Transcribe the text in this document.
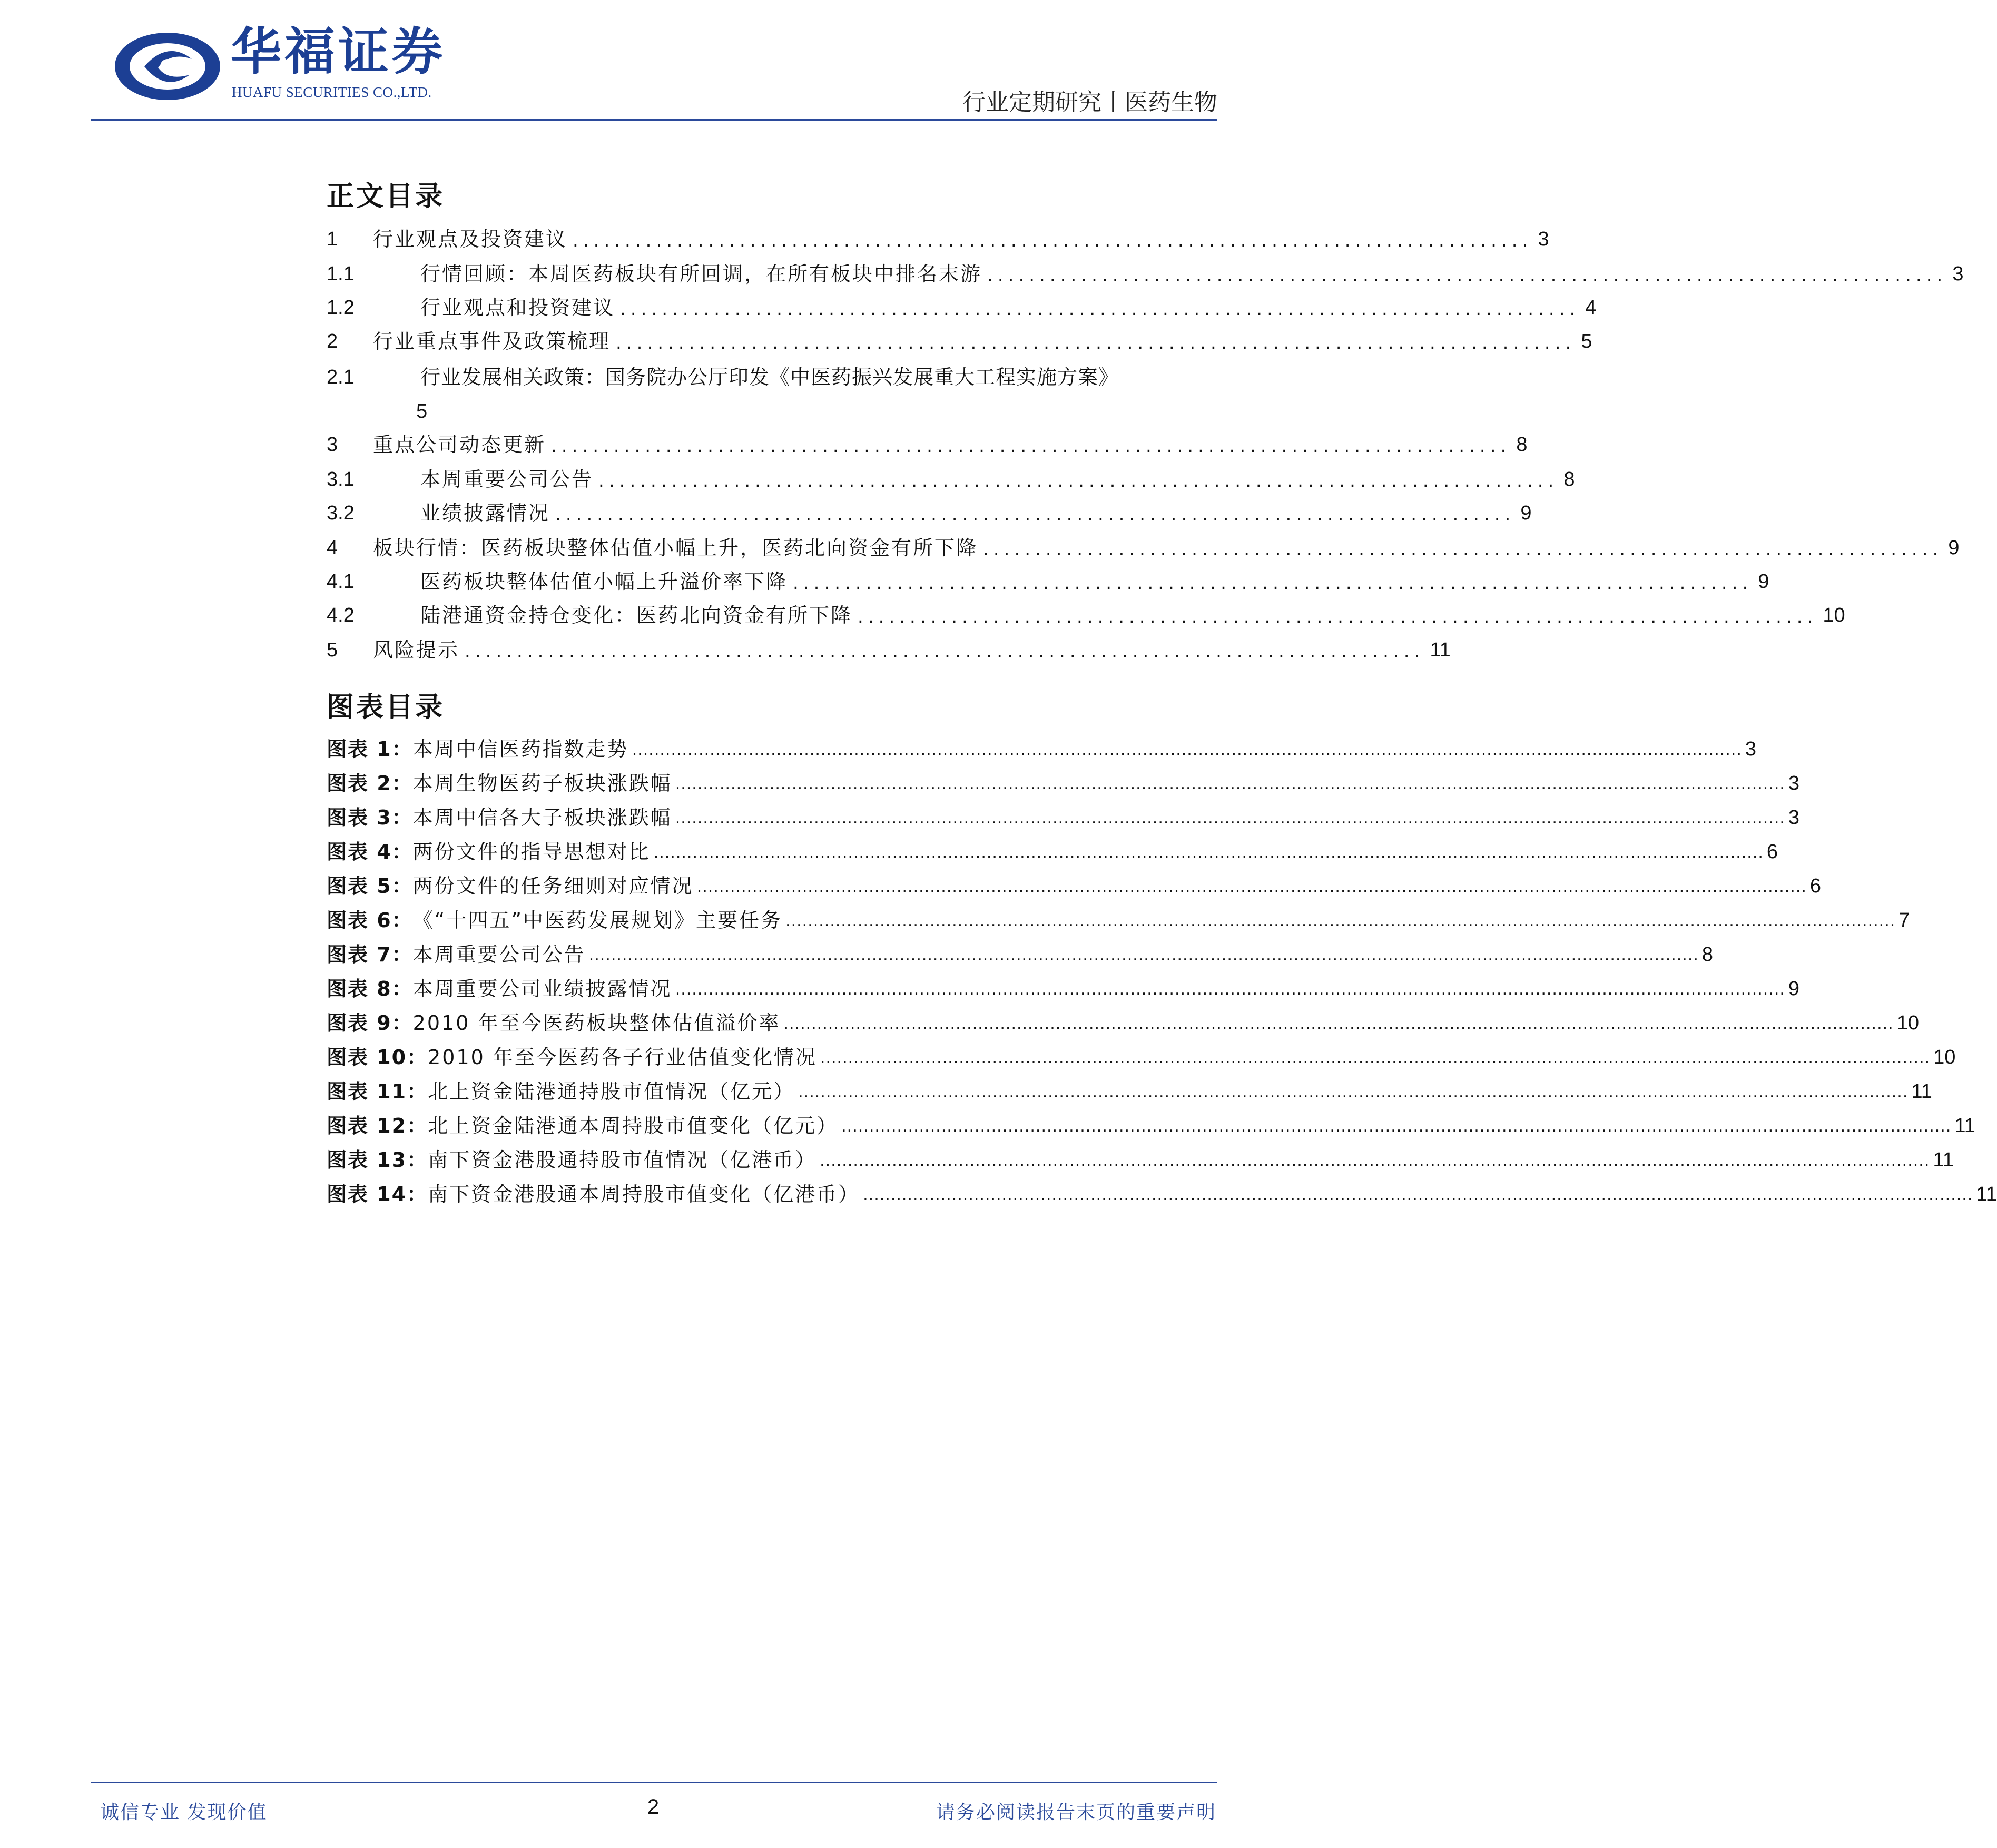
华福证券
HUAFU SECURITIES CO.,LTD.	行业定期研究丨医药生物
正文目录
1	行业观点及投资建议 ............................................................................................ 3
1.1	行情回顾：本周医药板块有所回调，在所有板块中排名末游 ............................................................................................ 3
1.2	行业观点和投资建议 ............................................................................................ 4
2	行业重点事件及政策梳理 ............................................................................................ 5
2.1	行业发展相关政策：国务院办公厅印发《中医药振兴发展重大工程实施方案》
5
3	重点公司动态更新 ............................................................................................ 8
3.1	本周重要公司公告 ............................................................................................ 8
3.2	业绩披露情况 ............................................................................................ 9
4	板块行情：医药板块整体估值小幅上升，医药北向资金有所下降 ............................................................................................ 9
4.1	医药板块整体估值小幅上升溢价率下降 ............................................................................................ 9
4.2	陆港通资金持仓变化：医药北向资金有所下降 ............................................................................................ 10
5	风险提示 ............................................................................................ 11
图表目录
图表 1： 本周中信医药指数走势 ........................................................................................................................................................................................................ 3
图表 2： 本周生物医药子板块涨跌幅 ........................................................................................................................................................................................................ 3
图表 3： 本周中信各大子板块涨跌幅 ........................................................................................................................................................................................................ 3
图表 4： 两份文件的指导思想对比 ........................................................................................................................................................................................................ 6
图表 5： 两份文件的任务细则对应情况 ........................................................................................................................................................................................................ 6
图表 6： 《“十四五”中医药发展规划》主要任务 ........................................................................................................................................................................................................ 7
图表 7： 本周重要公司公告 ........................................................................................................................................................................................................ 8
图表 8： 本周重要公司业绩披露情况 ........................................................................................................................................................................................................ 9
图表 9： 2010 年至今医药板块整体估值溢价率 ........................................................................................................................................................................................................ 10
图表 10： 2010 年至今医药各子行业估值变化情况 ........................................................................................................................................................................................................ 10
图表 11： 北上资金陆港通持股市值情况（亿元） ........................................................................................................................................................................................................ 11
图表 12： 北上资金陆港通本周持股市值变化（亿元） ........................................................................................................................................................................................................ 11
图表 13： 南下资金港股通持股市值情况（亿港币） ........................................................................................................................................................................................................ 11
图表 14： 南下资金港股通本周持股市值变化（亿港币） ........................................................................................................................................................................................................ 11
诚信专业 发现价值	2	请务必阅读报告末页的重要声明
